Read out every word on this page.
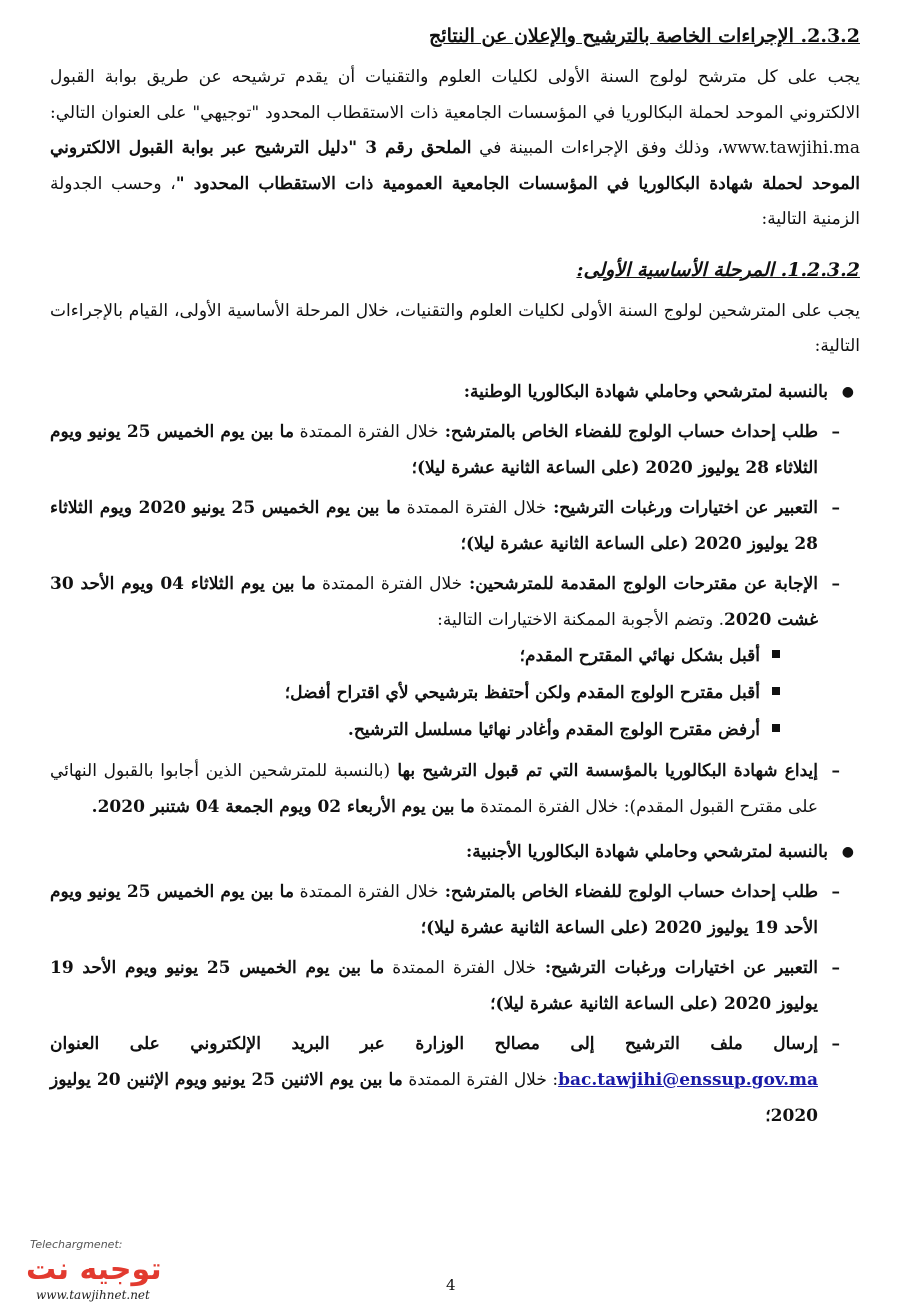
2.3.2. الإجراءات الخاصة بالترشيح والإعلان عن النتائج

يجب على كل مترشح لولوج السنة الأولى لكليات العلوم والتقنيات أن يقدم ترشيحه عن طريق بوابة القبول الالكتروني الموحد لحملة البكالوريا في المؤسسات الجامعية ذات الاستقطاب المحدود "توجيهي" على العنوان التالي: www.tawjihi.ma، وذلك وفق الإجراءات المبينة في الملحق رقم 3 "دليل الترشيح عبر بوابة القبول الالكتروني الموحد لحملة شهادة البكالوريا في المؤسسات الجامعية العمومية ذات الاستقطاب المحدود "، وحسب الجدولة الزمنية التالية:

1.2.3.2. المرحلة الأساسية الأولى:

يجب على المترشحين لولوج السنة الأولى لكليات العلوم والتقنيات، خلال المرحلة الأساسية الأولى، القيام بالإجراءات التالية:

● بالنسبة لمترشحي وحاملي شهادة البكالوريا الوطنية:
–
طلب إحداث حساب الولوج للفضاء الخاص بالمترشح: خلال الفترة الممتدة ما بين يوم الخميس 25 يونيو ويوم الثلاثاء 28 يوليوز 2020 (على الساعة الثانية عشرة ليلا)؛
–
التعبير عن اختيارات ورغبات الترشيح: خلال الفترة الممتدة ما بين يوم الخميس 25 يونيو 2020 ويوم الثلاثاء 28 يوليوز 2020 (على الساعة الثانية عشرة ليلا)؛
–
الإجابة عن مقترحات الولوج المقدمة للمترشحين: خلال الفترة الممتدة ما بين يوم الثلاثاء 04 ويوم الأحد 30 غشت 2020. وتضم الأجوبة الممكنة الاختيارات التالية:
أقبل بشكل نهائي المقترح المقدم؛
أقبل مقترح الولوج المقدم ولكن أحتفظ بترشيحي لأي اقتراح أفضل؛
أرفض مقترح الولوج المقدم وأغادر نهائيا مسلسل الترشيح.
–
إيداع شهادة البكالوريا بالمؤسسة التي تم قبول الترشيح بها (بالنسبة للمترشحين الذين أجابوا بالقبول النهائي على مقترح القبول المقدم): خلال الفترة الممتدة ما بين يوم الأربعاء 02 ويوم الجمعة 04 شتنبر 2020.
● بالنسبة لمترشحي وحاملي شهادة البكالوريا الأجنبية:
–
طلب إحداث حساب الولوج للفضاء الخاص بالمترشح: خلال الفترة الممتدة ما بين يوم الخميس 25 يونيو ويوم الأحد 19 يوليوز 2020 (على الساعة الثانية عشرة ليلا)؛
–
التعبير عن اختيارات ورغبات الترشيح: خلال الفترة الممتدة ما بين يوم الخميس 25 يونيو ويوم الأحد 19 يوليوز 2020 (على الساعة الثانية عشرة ليلا)؛
–
إرسال ملف الترشيح إلى مصالح الوزارة عبر البريد الإلكتروني على العنوان bac.tawjihi@enssup.gov.ma: خلال الفترة الممتدة ما بين يوم الاثنين 25 يونيو ويوم الإثنين 20 يوليوز 2020؛
Telechargmenet:
توجيه نت
www.tawjihnet.net
4
